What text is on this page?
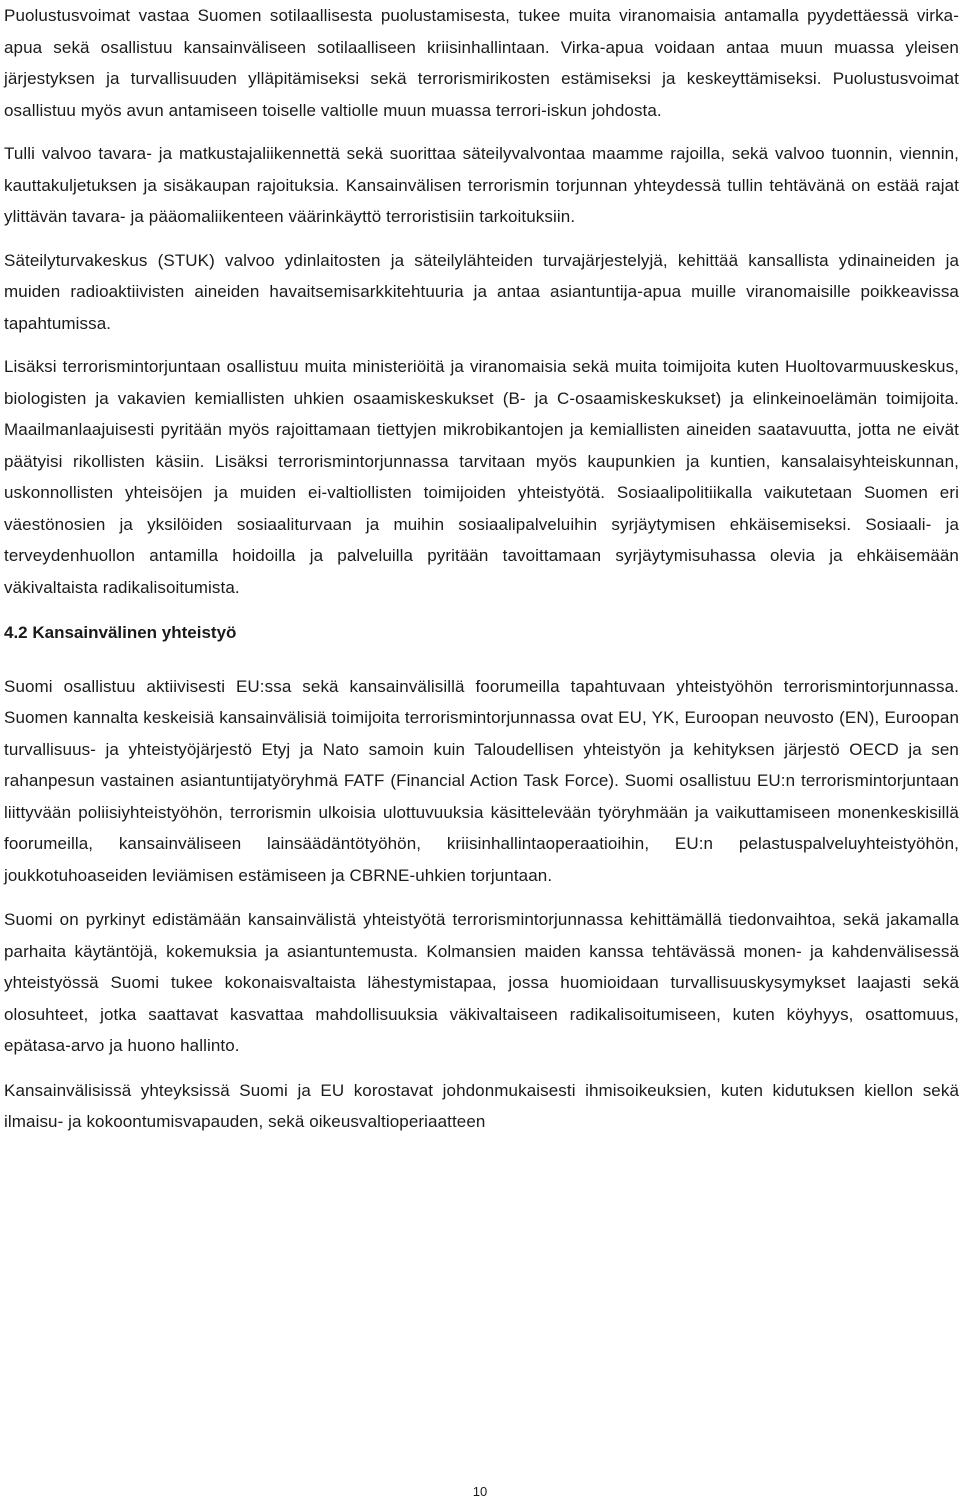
Puolustusvoimat vastaa Suomen sotilaallisesta puolustamisesta, tukee muita viranomaisia antamalla pyydettäessä virka-apua sekä osallistuu kansainväliseen sotilaalliseen kriisinhallintaan. Virka-apua voidaan antaa muun muassa yleisen järjestyksen ja turvallisuuden ylläpitämiseksi sekä terrorismirikosten estämiseksi ja keskeyttämiseksi. Puolustusvoimat osallistuu myös avun antamiseen toiselle valtiolle muun muassa terrori-iskun johdosta.

Tulli valvoo tavara- ja matkustajaliikennettä sekä suorittaa säteilyvalvontaa maamme rajoilla, sekä valvoo tuonnin, viennin, kauttakuljetuksen ja sisäkaupan rajoituksia. Kansainvälisen terrorismin torjunnan yhteydessä tullin tehtävänä on estää rajat ylittävän tavara- ja pääomaliikenteen väärinkäyttö terroristisiin tarkoituksiin.

Säteilyturvakeskus (STUK) valvoo ydinlaitosten ja säteilylähteiden turvajärjestelyjä, kehittää kansallista ydinaineiden ja muiden radioaktiivisten aineiden havaitsemisarkkitehtuuria ja antaa asiantuntija-apua muille viranomaisille poikkeavissa tapahtumissa.

Lisäksi terrorismintorjuntaan osallistuu muita ministeriöitä ja viranomaisia sekä muita toimijoita kuten Huoltovarmuuskeskus, biologisten ja vakavien kemiallisten uhkien osaamiskeskukset (B- ja C-osaamiskeskukset) ja elinkeinoelämän toimijoita. Maailmanlaajuisesti pyritään myös rajoittamaan tiettyjen mikrobikantojen ja kemiallisten aineiden saatavuutta, jotta ne eivät päätyisi rikollisten käsiin. Lisäksi terrorismintorjunnassa tarvitaan myös kaupunkien ja kuntien, kansalaisyhteiskunnan, uskonnollisten yhteisöjen ja muiden ei-valtiollisten toimijoiden yhteistyötä. Sosiaalipolitiikalla vaikutetaan Suomen eri väestönosien ja yksilöiden sosiaaliturvaan ja muihin sosiaalipalveluihin syrjäytymisen ehkäisemiseksi. Sosiaali- ja terveydenhuollon antamilla hoidoilla ja palveluilla pyritään tavoittamaan syrjäytymisuhassa olevia ja ehkäisemään väkivaltaista radikalisoitumista.

4.2 Kansainvälinen yhteistyö

Suomi osallistuu aktiivisesti EU:ssa sekä kansainvälisillä foorumeilla tapahtuvaan yhteistyöhön terrorismintorjunnassa. Suomen kannalta keskeisiä kansainvälisiä toimijoita terrorismintorjunnassa ovat EU, YK, Euroopan neuvosto (EN), Euroopan turvallisuus- ja yhteistyöjärjestö Etyj ja Nato samoin kuin Taloudellisen yhteistyön ja kehityksen järjestö OECD ja sen rahanpesun vastainen asiantuntijatyöryhmä FATF (Financial Action Task Force). Suomi osallistuu EU:n terrorismintorjuntaan liittyvään poliisiyhteistyöhön, terrorismin ulkoisia ulottuvuuksia käsittelevään työryhmään ja vaikuttamiseen monenkeskisillä foorumeilla, kansainväliseen lainsäädäntötyöhön, kriisinhallintaoperaatioihin, EU:n pelastuspalveluyhteistyöhön, joukkotuhoaseiden leviämisen estämiseen ja CBRNE-uhkien torjuntaan.

Suomi on pyrkinyt edistämään kansainvälistä yhteistyötä terrorismintorjunnassa kehittämällä tiedonvaihtoa, sekä jakamalla parhaita käytäntöjä, kokemuksia ja asiantuntemusta. Kolmansien maiden kanssa tehtävässä monen- ja kahdenvälisessä yhteistyössä Suomi tukee kokonaisvaltaista lähestymistapaa, jossa huomioidaan turvallisuuskysymykset laajasti sekä olosuhteet, jotka saattavat kasvattaa mahdollisuuksia väkivaltaiseen radikalisoitumiseen, kuten köyhyys, osattomuus, epätasa-arvo ja huono hallinto.

Kansainvälisissä yhteyksissä Suomi ja EU korostavat johdonmukaisesti ihmisoikeuksien, kuten kidutuksen kiellon sekä ilmaisu- ja kokoontumisvapauden, sekä oikeusvaltioperiaatteen

10
